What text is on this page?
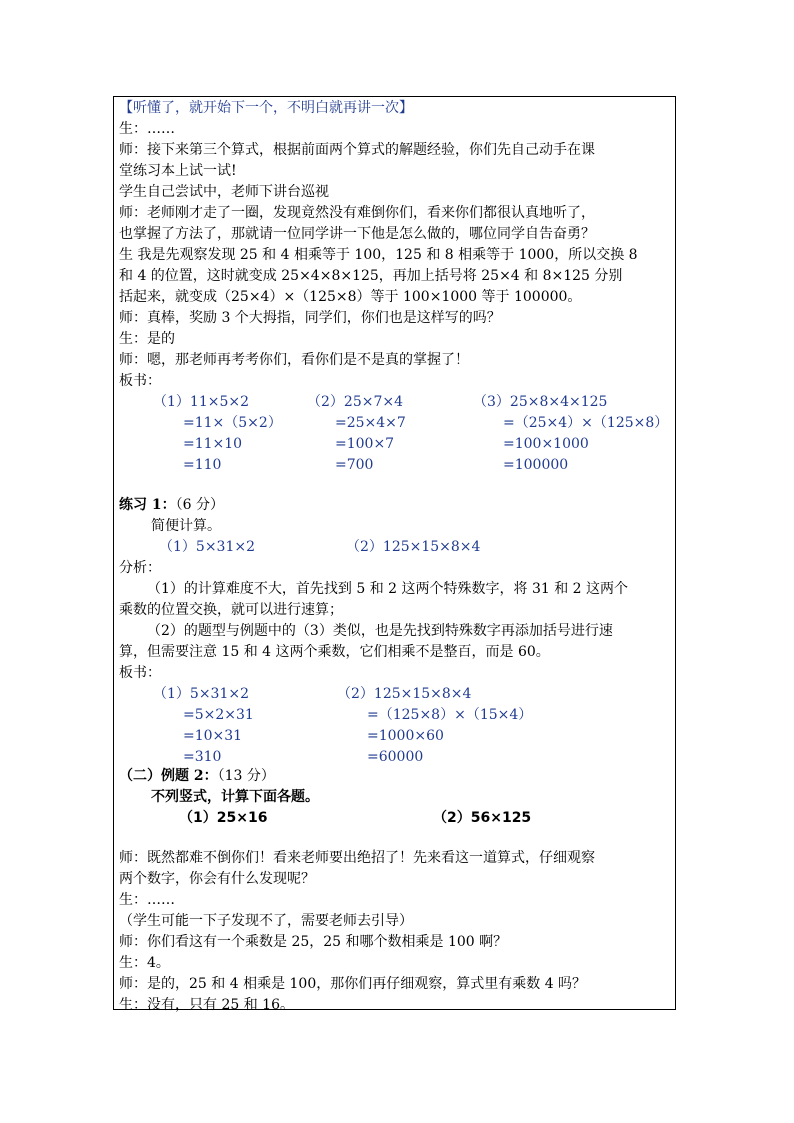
【听懂了，就开始下一个，不明白就再讲一次】
生：……
师：接下来第三个算式，根据前面两个算式的解题经验，你们先自己动手在课
堂练习本上试一试!
学生自己尝试中，老师下讲台巡视
师：老师刚才走了一圈，发现竟然没有难倒你们，看来你们都很认真地听了，
也掌握了方法了，那就请一位同学讲一下他是怎么做的，哪位同学自告奋勇？
生 我是先观察发现 25 和 4 相乘等于 100，125 和 8 相乘等于 1000，所以交换 8
和 4 的位置，这时就变成 25×4×8×125，再加上括号将 25×4 和 8×125 分别
括起来，就变成（25×4）×（125×8）等于 100×1000 等于 100000。
师：真棒，奖励 3 个大拇指，同学们，你们也是这样写的吗？
生：是的
师：嗯，那老师再考考你们，看你们是不是真的掌握了！
板书：
（1）11×5×2
=11×（5×2）
=11×10
=110
（2）25×7×4
=25×4×7
=100×7
=700
（3）25×8×4×125
=（25×4）×（125×8）
=100×1000
=100000
练习 1：（6 分）
简便计算。
（1）5×31×2	（2）125×15×8×4
分析：
（1）的计算难度不大，首先找到 5 和 2 这两个特殊数字，将 31 和 2 这两个
乘数的位置交换，就可以进行速算；
（2）的题型与例题中的（3）类似，也是先找到特殊数字再添加括号进行速
算，但需要注意 15 和 4 这两个乘数，它们相乘不是整百，而是 60。
板书：
（1）5×31×2
=5×2×31
=10×31
=310
（2）125×15×8×4
=（125×8）×（15×4）
=1000×60
=60000
（二）例题 2：（13 分）
不列竖式，计算下面各题。
（1）25×16	（2）56×125
师：既然都难不倒你们！看来老师要出绝招了！先来看这一道算式，仔细观察
两个数字，你会有什么发现呢？
生：……
（学生可能一下子发现不了，需要老师去引导）
师：你们看这有一个乘数是 25，25 和哪个数相乘是 100 啊？
生：4。
师：是的，25 和 4 相乘是 100，那你们再仔细观察，算式里有乘数 4 吗？
生：没有，只有 25 和 16。
